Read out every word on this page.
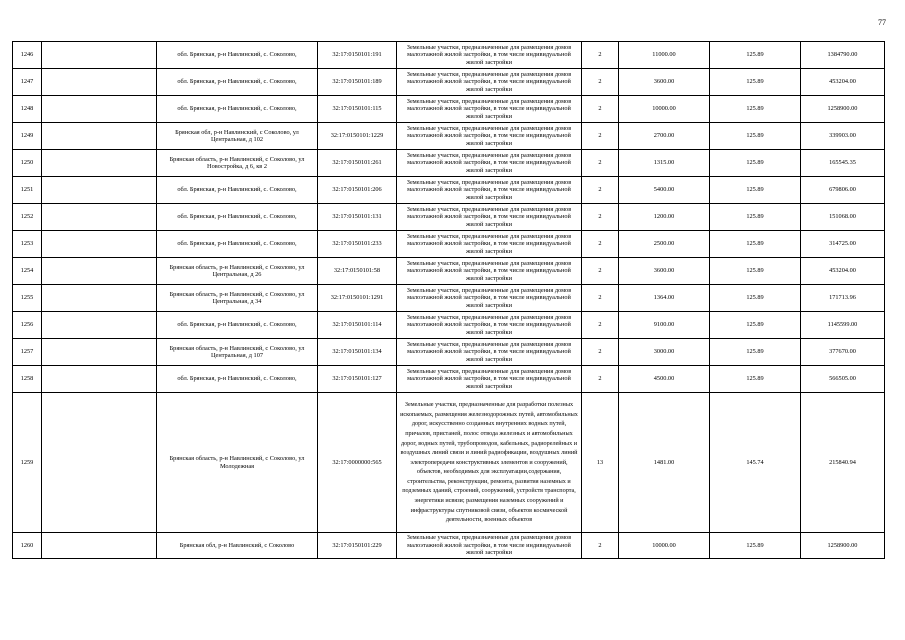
77
1246		обл. Брянская, р-н Навлинский, с. Соколово,	32:17:0150101:191	Земельные участки, предназначенные для размещения домов малоэтажной жилой застройки, в том числе индивидуальной жилой застройки	2	11000.00	125.89	1384790.00
1247		обл. Брянская, р-н Навлинский, с. Соколово,	32:17:0150101:189	Земельные участки, предназначенные для размещения домов малоэтажной жилой застройки, в том числе индивидуальной жилой застройки	2	3600.00	125.89	453204.00
1248		обл. Брянская, р-н Навлинский, с. Соколово,	32:17:0150101:115	Земельные участки, предназначенные для размещения домов малоэтажной жилой застройки, в том числе индивидуальной жилой застройки	2	10000.00	125.89	1258900.00
1249		Брянская обл, р-н Навлинский, с Соколово, ул Центральная, д 102	32:17:0150101:1229	Земельные участки, предназначенные для размещения домов малоэтажной жилой застройки, в том числе индивидуальной жилой застройки	2	2700.00	125.89	339903.00
1250		Брянская область, р-н Навлинский, с Соколово, ул Новостройка, д 6, кв 2	32:17:0150101:261	Земельные участки, предназначенные для размещения домов малоэтажной жилой застройки, в том числе индивидуальной жилой застройки	2	1315.00	125.89	165545.35
1251		обл. Брянская, р-н Навлинский, с. Соколово,	32:17:0150101:206	Земельные участки, предназначенные для размещения домов малоэтажной жилой застройки, в том числе индивидуальной жилой застройки	2	5400.00	125.89	679806.00
1252		обл. Брянская, р-н Навлинский, с. Соколово,	32:17:0150101:131	Земельные участки, предназначенные для размещения домов малоэтажной жилой застройки, в том числе индивидуальной жилой застройки	2	1200.00	125.89	151068.00
1253		обл. Брянская, р-н Навлинский, с. Соколово,	32:17:0150101:233	Земельные участки, предназначенные для размещения домов малоэтажной жилой застройки, в том числе индивидуальной жилой застройки	2	2500.00	125.89	314725.00
1254		Брянская область, р-н Навлинский, с Соколово, ул Центральная, д 26	32:17:0150101:58	Земельные участки, предназначенные для размещения домов малоэтажной жилой застройки, в том числе индивидуальной жилой застройки	2	3600.00	125.89	453204.00
1255		Брянская область, р-н Навлинский, с Соколово, ул Центральная, д 34	32:17:0150101:1291	Земельные участки, предназначенные для размещения домов малоэтажной жилой застройки, в том числе индивидуальной жилой застройки	2	1364.00	125.89	171713.96
1256		обл. Брянская, р-н Навлинский, с. Соколово,	32:17:0150101:114	Земельные участки, предназначенные для размещения домов малоэтажной жилой застройки, в том числе индивидуальной жилой застройки	2	9100.00	125.89	1145599.00
1257		Брянская область, р-н Навлинский, с Соколово, ул Центральная, д 107	32:17:0150101:134	Земельные участки, предназначенные для размещения домов малоэтажной жилой застройки, в том числе индивидуальной жилой застройки	2	3000.00	125.89	377670.00
1258		обл. Брянская, р-н Навлинский, с. Соколово,	32:17:0150101:127	Земельные участки, предназначенные для размещения домов малоэтажной жилой застройки, в том числе индивидуальной жилой застройки	2	4500.00	125.89	566505.00
1259		Брянская область, р-н Навлинский, с Соколово, ул Молодежная	32:17:0000000:565	Земельные участки, предназначенные для разработки полезных ископаемых, размещения железнодорожных путей, автомобильных дорог, искусственно созданных внутренних водных путей, причалов, пристаней, полос отвода железных и автомобильных дорог, водных путей, трубопроводов, кабельных, радиорелейных и воздушных линий связи и линий радиофикации, воздушных линий электропередачи конструктивных элементов и сооружений, объектов, необходимых для эксплуатации,содержания, строительства, реконструкции, ремонта, развития наземных и подземных зданий, строений, сооружений, устройств транспорта, энергетики исвязи; размещения наземных сооружений и инфраструктуры спутниковой связи, объектов космической деятельности, военных объектов	13	1481.00	145.74	215840.94
1260		Брянская обл, р-н Навлинский, с Соколово	32:17:0150101:229	Земельные участки, предназначенные для размещения домов малоэтажной жилой застройки, в том числе индивидуальной жилой застройки	2	10000.00	125.89	1258900.00
